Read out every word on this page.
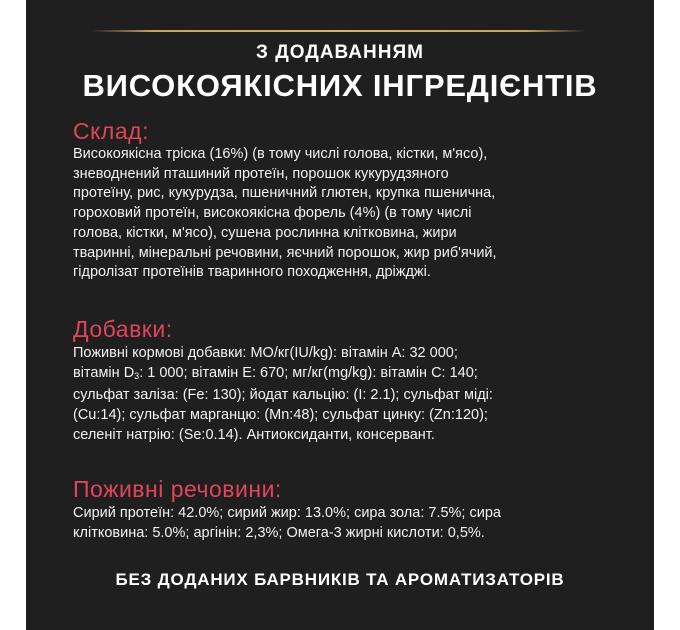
З ДОДАВАННЯМ
ВИСОКОЯКІСНИХ ІНГРЕДІЄНТІВ
Склад:
Високоякісна тріска (16%) (в тому числі голова, кістки, м'ясо),
зневоднений пташиний протеїн, порошок кукурудзяного
протеїну, рис, кукурудза, пшеничний глютен, крупка пшенична,
гороховий протеїн, високоякісна форель (4%) (в тому числі
голова, кістки, м'ясо), сушена рослинна клітковина, жири
тваринні, мінеральні речовини, яєчний порошок, жир риб'ячий,
гідролізат протеїнів тваринного походження, дріжджі.
Добавки:
Поживні кормові добавки: МО/кг(IU/kg): вітамін А: 32 000;
вітамін $D_3$: 1 000; вітамін Е: 670; мг/кг(mg/kg): вітамін С: 140;
сульфат заліза: (Fe: 130); йодат кальцію: (I: 2.1); сульфат міді:
(Cu:14); сульфат марганцю: (Mn:48); сульфат цинку: (Zn:120);
селеніт натрію: (Se:0.14). Антиоксиданти, консервант.
Поживні речовини:
Сирий протеїн: 42.0%; сирий жир: 13.0%; сира зола: 7.5%; сира
клітковина: 5.0%; аргінін: 2,3%; Омега-3 жирні кислоти: 0,5%.
БЕЗ ДОДАНИХ БАРВНИКІВ ТА АРОМАТИЗАТОРІВ
